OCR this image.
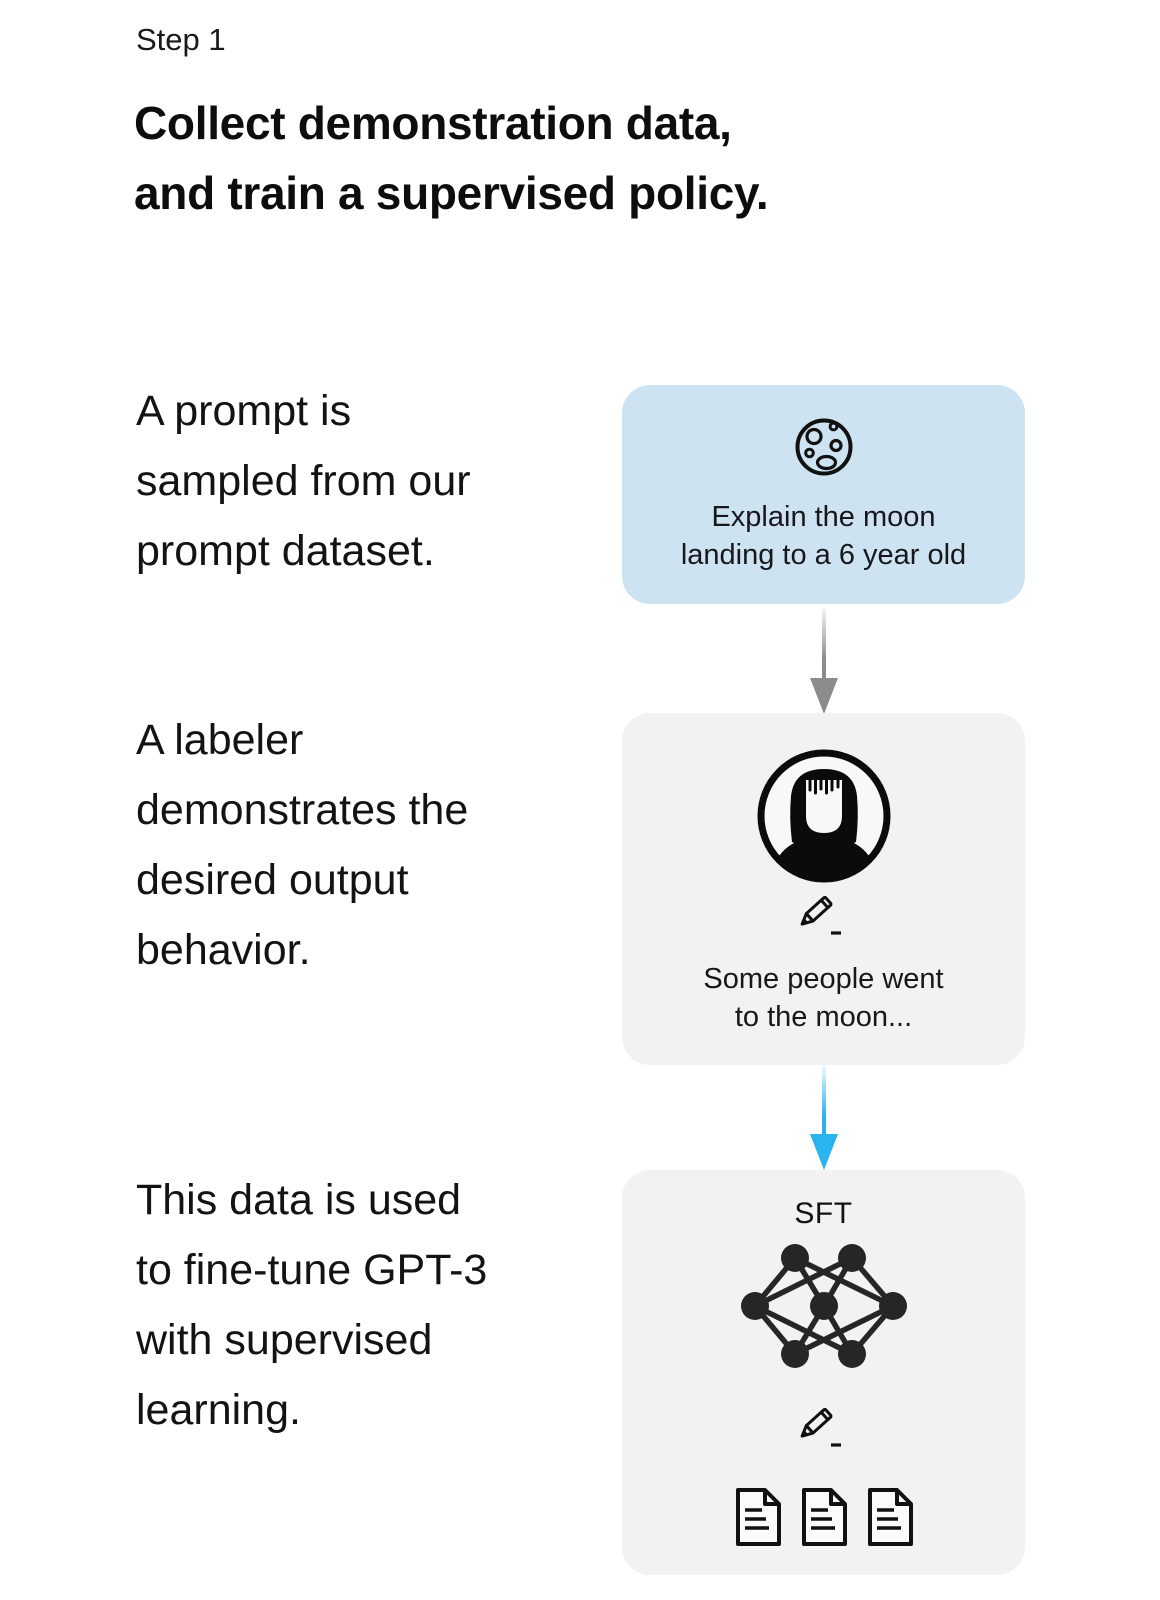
Step 1
Collect demonstration data,
and train a supervised policy.
A prompt is
sampled from our
prompt dataset.
A labeler
demonstrates the
desired output
behavior.
This data is used
to fine-tune GPT-3
with supervised
learning.
Explain the moon
landing to a 6 year old
Some people went
to the moon...
SFT
